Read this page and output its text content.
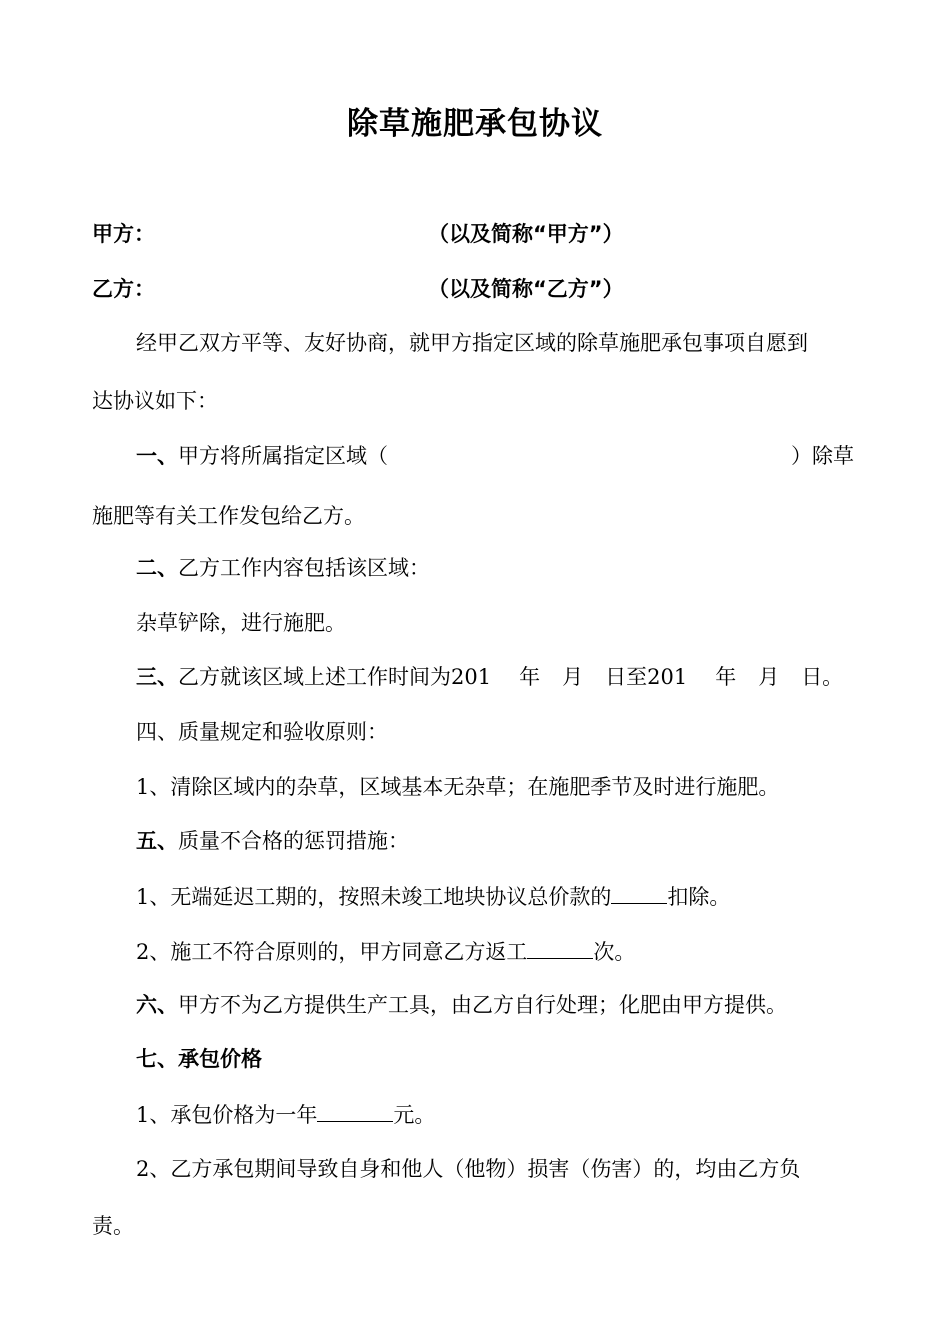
除草施肥承包协议
甲方：	（以及简称“甲方”）
乙方：	（以及简称“乙方”）
经甲乙双方平等、友好协商，就甲方指定区域的除草施肥承包事项自愿到
达协议如下：
一、甲方将所属指定区域（	）除草
施肥等有关工作发包给乙方。
二、乙方工作内容包括该区域：
杂草铲除，进行施肥。
三、乙方就该区域上述工作时间为201 年 月 日至201 年 月 日。
四、质量规定和验收原则：
1、清除区域内的杂草，区域基本无杂草；在施肥季节及时进行施肥。
五、质量不合格的惩罚措施：
1、无端延迟工期的，按照未竣工地块协议总价款的	扣除。
2、施工不符合原则的，甲方同意乙方返工	次。
六、甲方不为乙方提供生产工具，由乙方自行处理；化肥由甲方提供。
七、承包价格
1、承包价格为一年	元。
2、乙方承包期间导致自身和他人（他物）损害（伤害）的，均由乙方负
责。
